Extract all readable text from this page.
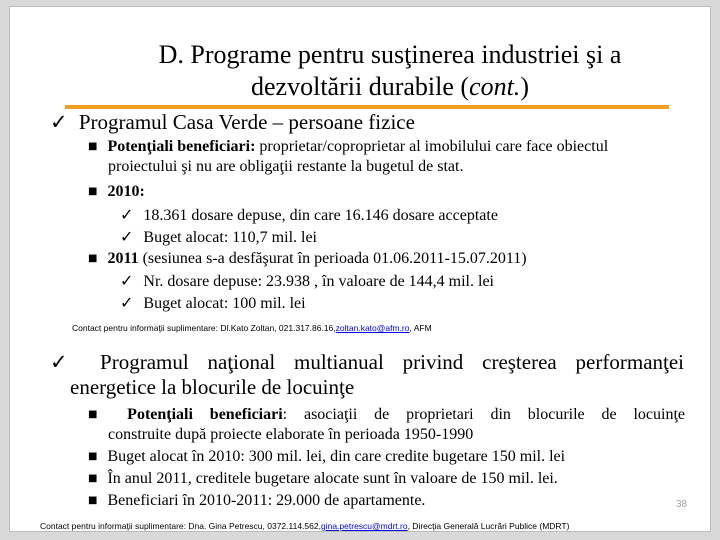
D. Programe pentru susţinerea industriei şi a
dezvoltării durabile (cont.)
✓ Programul Casa Verde – persoane fizice
■ Potenţiali beneficiari: proprietar/coproprietar al imobilului care face obiectul
proiectului şi nu are obligaţii restante la bugetul de stat.
■ 2010:
✓ 18.361 dosare depuse, din care 16.146 dosare acceptate
✓ Buget alocat: 110,7 mil. lei
■ 2011 (sesiunea s-a desfăşurat în perioada 01.06.2011-15.07.2011)
✓ Nr. dosare depuse: 23.938 , în valoare de 144,4 mil. lei
✓ Buget alocat: 100 mil. lei
Contact pentru informaţii suplimentare: Dl.Kato Zoltan, 021.317.86.16,zoltan.kato@afm.ro, AFM
✓ Programul naţional multianual privind creşterea performanţei
energetice la blocurile de locuinţe
■ Potenţiali beneficiari: asociaţii de proprietari din blocurile de locuinţe
construite după proiecte elaborate în perioada 1950-1990
■ Buget alocat în 2010: 300 mil. lei, din care credite bugetare 150 mil. lei
■ În anul 2011, creditele bugetare alocate sunt în valoare de 150 mil. lei.
■ Beneficiari în 2010-2011: 29.000 de apartamente.	38
Contact pentru informaţii suplimentare: Dna. Gina Petrescu, 0372.114.562,gina.petrescu@mdrt.ro, Direcţia Generală Lucrări Publice (MDRT)
